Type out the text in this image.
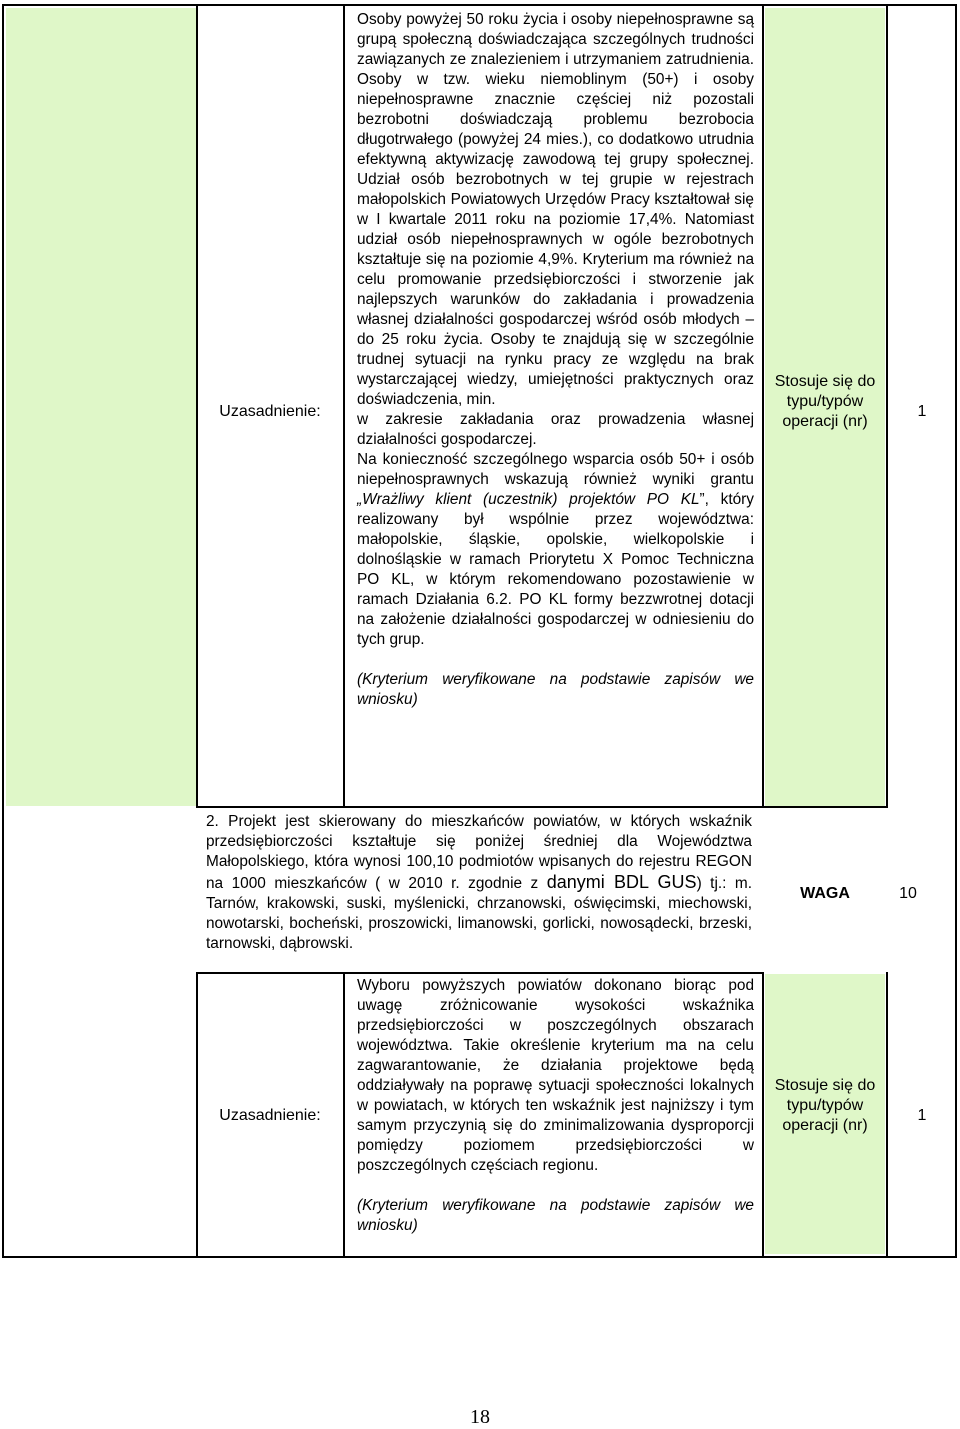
Uzasadnienie:

Osoby powyżej 50 roku życia i osoby niepełnosprawne są grupą społeczną doświadczająca szczególnych trudności zawiązanych ze znalezieniem i utrzymaniem zatrudnienia. Osoby w tzw. wieku niemoblinym (50+) i osoby niepełnosprawne znacznie częściej niż pozostali bezrobotni doświadczają problemu bezrobocia długotrwałego (powyżej 24 mies.), co dodatkowo utrudnia efektywną aktywizację zawodową tej grupy społecznej. Udział osób bezrobotnych w tej grupie w rejestrach małopolskich Powiatowych Urzędów Pracy kształtował się w I kwartale 2011 roku na poziomie 17,4%. Natomiast udział osób niepełnosprawnych w ogóle bezrobotnych kształtuje się na poziomie 4,9%. Kryterium ma również na celu promowanie przedsiębiorczości i stworzenie jak najlepszych warunków do zakładania i prowadzenia własnej działalności gospodarczej wśród osób młodych – do 25 roku życia. Osoby te znajdują się w szczególnie trudnej sytuacji na rynku pracy ze względu na brak wystarczającej wiedzy, umiejętności praktycznych oraz doświadczenia, min.

w zakresie zakładania oraz prowadzenia własnej działalności gospodarczej.

Na konieczność szczególnego wsparcia osób 50+ i osób niepełnosprawnych wskazują również wyniki grantu „Wrażliwy klient (uczestnik) projektów PO KL”, który realizowany był wspólnie przez województwa: małopolskie, śląskie, opolskie, wielkopolskie i dolnośląskie w ramach Priorytetu X Pomoc Techniczna PO KL, w którym rekomendowano pozostawienie w ramach Działania 6.2. PO KL formy bezzwrotnej dotacji na założenie działalności gospodarczej w odniesieniu do tych grup.

(Kryterium weryfikowane na podstawie zapisów we wniosku)

Stosuje się do typu/typów operacji (nr)
1

2. Projekt jest skierowany do mieszkańców powiatów, w których wskaźnik przedsiębiorczości kształtuje się poniżej średniej dla Województwa Małopolskiego, która wynosi 100,10 podmiotów wpisanych do rejestru REGON na 1000 mieszkańców ( w 2010 r. zgodnie z danymi BDL GUS) tj.: m. Tarnów, krakowski, suski, myślenicki, chrzanowski, oświęcimski, miechowski, nowotarski, bocheński, proszowicki, limanowski, gorlicki, nowosądecki, brzeski, tarnowski, dąbrowski.

WAGA	10
Uzasadnienie:

Wyboru powyższych powiatów dokonano biorąc pod uwagę zróżnicowanie wysokości wskaźnika przedsiębiorczości w poszczególnych obszarach województwa. Takie określenie kryterium ma na celu zagwarantowanie, że działania projektowe będą oddziaływały na poprawę sytuacji społeczności lokalnych w powiatach, w których ten wskaźnik jest najniższy i tym samym przyczynią się do zminimalizowania dysproporcji pomiędzy poziomem przedsiębiorczości w poszczególnych częściach regionu.

(Kryterium weryfikowane na podstawie zapisów we wniosku)

Stosuje się do typu/typów operacji (nr)
1
18
